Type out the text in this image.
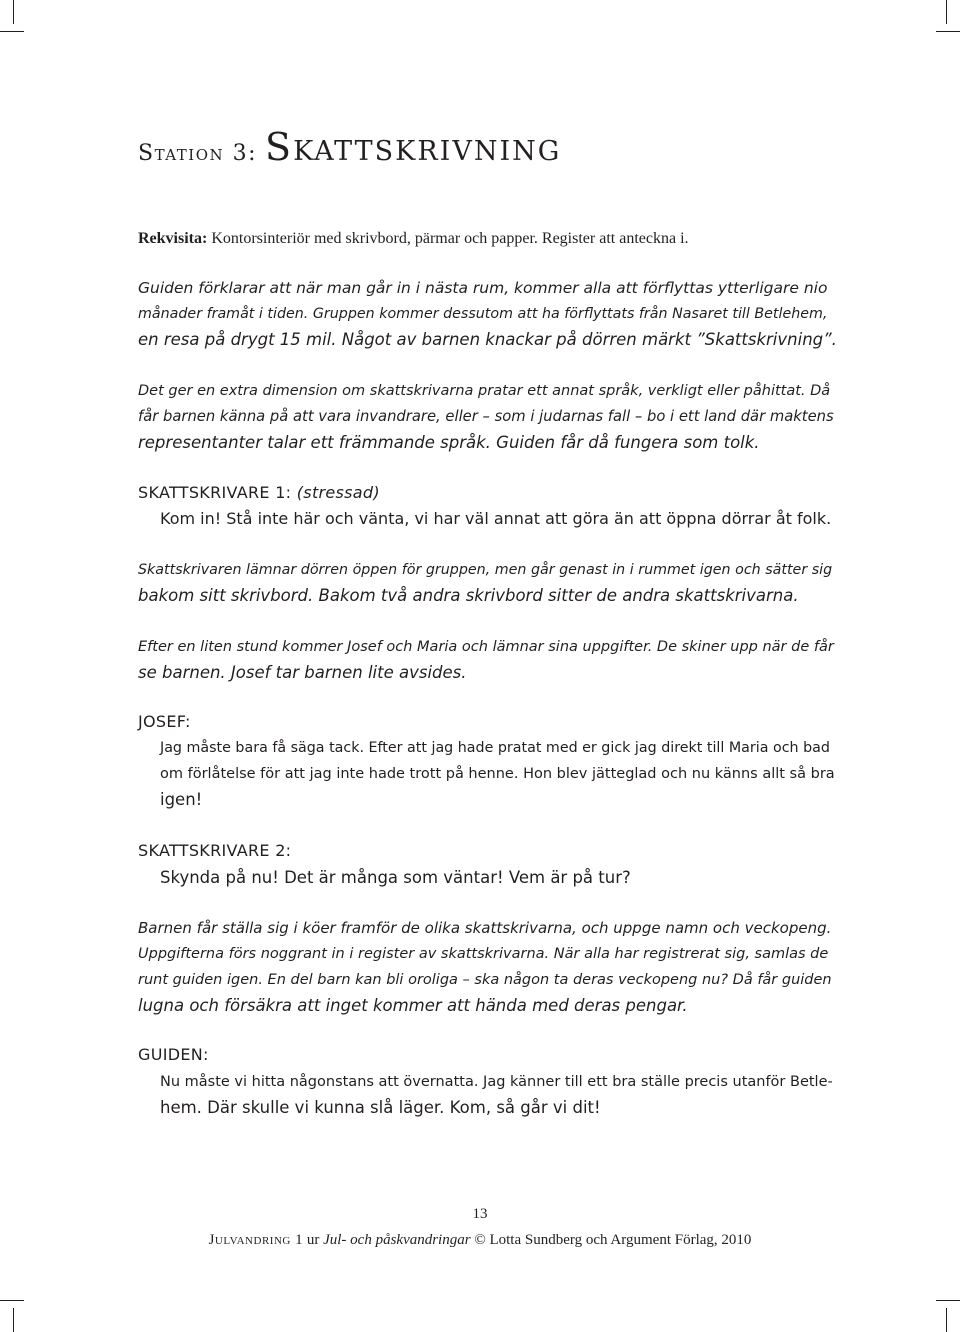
Station 3: Skattskrivning
Rekvisita: Kontorsinteriör med skrivbord, pärmar och papper. Register att anteckna i.
Guiden förklarar att när man går in i nästa rum, kommer alla att förflyttas ytterligare nio
månader framåt i tiden. Gruppen kommer dessutom att ha förflyttats från Nasaret till Betlehem,
en resa på drygt 15 mil. Något av barnen knackar på dörren märkt ”Skattskrivning”.
Det ger en extra dimension om skattskrivarna pratar ett annat språk, verkligt eller påhittat. Då
får barnen känna på att vara invandrare, eller – som i judarnas fall – bo i ett land där maktens
representanter talar ett främmande språk. Guiden får då fungera som tolk.
SKATTSKRIVARE 1: (stressad)
Kom in! Stå inte här och vänta, vi har väl annat att göra än att öppna dörrar åt folk.
Skattskrivaren lämnar dörren öppen för gruppen, men går genast in i rummet igen och sätter sig
bakom sitt skrivbord. Bakom två andra skrivbord sitter de andra skattskrivarna.
Efter en liten stund kommer Josef och Maria och lämnar sina uppgifter. De skiner upp när de får
se barnen. Josef tar barnen lite avsides.
JOSEF:
Jag måste bara få säga tack. Efter att jag hade pratat med er gick jag direkt till Maria och bad
om förlåtelse för att jag inte hade trott på henne. Hon blev jätteglad och nu känns allt så bra
igen!
SKATTSKRIVARE 2:
Skynda på nu! Det är många som väntar! Vem är på tur?
Barnen får ställa sig i köer framför de olika skattskrivarna, och uppge namn och veckopeng.
Uppgifterna förs noggrant in i register av skattskrivarna. När alla har registrerat sig, samlas de
runt guiden igen. En del barn kan bli oroliga – ska någon ta deras veckopeng nu? Då får guiden
lugna och försäkra att inget kommer att hända med deras pengar.
GUIDEN:
Nu måste vi hitta någonstans att övernatta. Jag känner till ett bra ställe precis utanför Betle-
hem. Där skulle vi kunna slå läger. Kom, så går vi dit!
13
Julvandring 1 ur Jul- och påskvandringar © Lotta Sundberg och Argument Förlag, 2010
